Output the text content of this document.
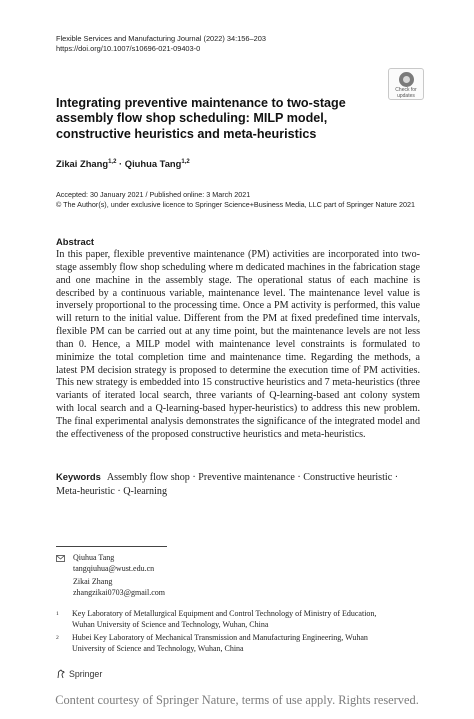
Flexible Services and Manufacturing Journal (2022) 34:156–203
https://doi.org/10.1007/s10696-021-09403-0
Check for
updates
Integrating preventive maintenance to two-stage assembly flow shop scheduling: MILP model, constructive heuristics and meta-heuristics
Zikai Zhang$^{1,2}$ · Qiuhua Tang$^{1,2}$
Accepted: 30 January 2021 / Published online: 3 March 2021
© The Author(s), under exclusive licence to Springer Science+Business Media, LLC part of Springer Nature 2021
Abstract
In this paper, flexible preventive maintenance (PM) activities are incorporated into two-stage assembly flow shop scheduling where m dedicated machines in the fabrication stage and one machine in the assembly stage. The operational status of each machine is described by a continuous variable, maintenance level. The maintenance level value is inversely proportional to the processing time. Once a PM activity is performed, this value will return to the initial value. Different from the PM at fixed predefined time intervals, flexible PM can be carried out at any time point, but the maintenance levels are not less than 0. Hence, a MILP model with maintenance level constraints is formulated to minimize the total completion time and maintenance time. Regarding the methods, a latest PM decision strategy is proposed to determine the execution time of PM activities. This new strategy is embedded into 15 constructive heuristics and 7 meta-heuristics (three variants of iterated local search, three variants of Q-learning-based ant colony system with local search and a Q-learning-based hyper-heuristics) to address this new problem. The final experimental analysis demonstrates the significance of the integrated model and the effectiveness of the proposed constructive heuristics and meta-heuristics.
Keywords Assembly flow shop · Preventive maintenance · Constructive heuristic · Meta-heuristic · Q-learning
Qiuhua Tang
tangqiuhua@wust.edu.cn
Zikai Zhang
zhangzikai0703@gmail.com
1 Key Laboratory of Metallurgical Equipment and Control Technology of Ministry of Education,
Wuhan University of Science and Technology, Wuhan, China
2 Hubei Key Laboratory of Mechanical Transmission and Manufacturing Engineering, Wuhan
University of Science and Technology, Wuhan, China
Springer
Content courtesy of Springer Nature, terms of use apply. Rights reserved.
